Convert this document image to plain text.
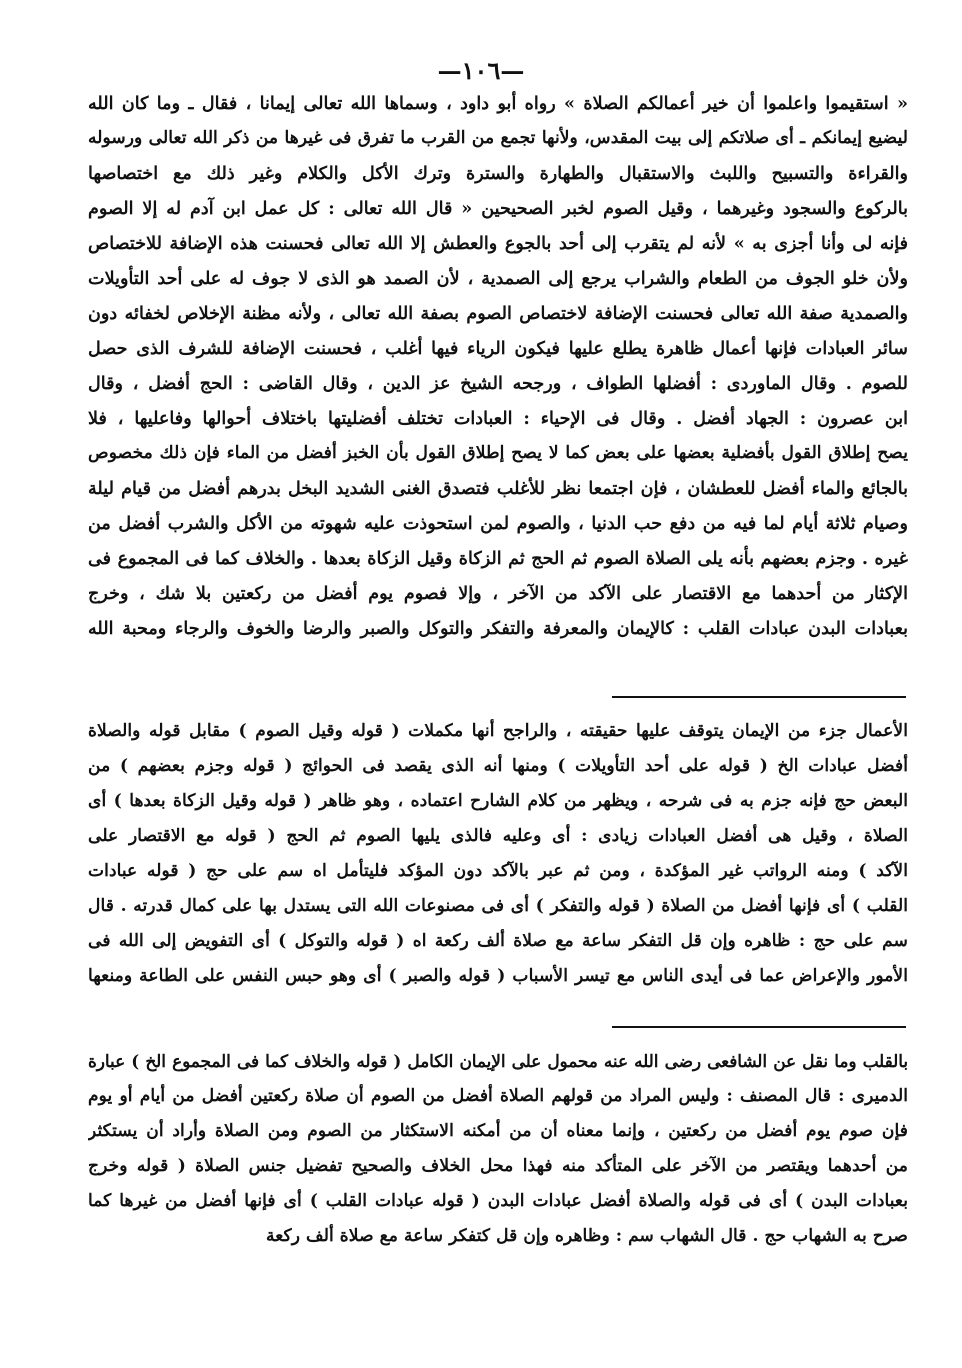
—١٠٦—
« استقيموا واعلموا أن خير أعمالكم الصلاة » رواه أبو داود ، وسماها الله تعالى إيمانا ، فقال ـ وما كان الله
ليضيع إيمانكم ـ أى صلاتكم إلى بيت المقدس، ولأنها تجمع من القرب ما تفرق فى غيرها من ذكر الله تعالى ورسوله
والقراءة والتسبيح واللبث والاستقبال والطهارة والسترة وترك الأكل والكلام وغير ذلك مع اختصاصها
بالركوع والسجود وغيرهما ، وقيل الصوم لخبر الصحيحين « قال الله تعالى : كل عمل ابن آدم له إلا الصوم
فإنه لى وأنا أجزى به » لأنه لم يتقرب إلى أحد بالجوع والعطش إلا الله تعالى فحسنت هذه الإضافة للاختصاص
ولأن خلو الجوف من الطعام والشراب يرجع إلى الصمدية ، لأن الصمد هو الذى لا جوف له على أحد التأويلات
والصمدية صفة الله تعالى فحسنت الإضافة لاختصاص الصوم بصفة الله تعالى ، ولأنه مظنة الإخلاص لخفائه دون
سائر العبادات فإنها أعمال ظاهرة يطلع عليها فيكون الرياء فيها أغلب ، فحسنت الإضافة للشرف الذى حصل
للصوم . وقال الماوردى : أفضلها الطواف ، ورجحه الشيخ عز الدين ، وقال القاضى : الحج أفضل ، وقال
ابن عصرون : الجهاد أفضل . وقال فى الإحياء : العبادات تختلف أفضليتها باختلاف أحوالها وفاعليها ، فلا
يصح إطلاق القول بأفضلية بعضها على بعض كما لا يصح إطلاق القول بأن الخبز أفضل من الماء فإن ذلك مخصوص
بالجائع والماء أفضل للعطشان ، فإن اجتمعا نظر للأغلب فتصدق الغنى الشديد البخل بدرهم أفضل من قيام ليلة
وصيام ثلاثة أيام لما فيه من دفع حب الدنيا ، والصوم لمن استحوذت عليه شهوته من الأكل والشرب أفضل من
غيره . وجزم بعضهم بأنه يلى الصلاة الصوم ثم الحج ثم الزكاة وقيل الزكاة بعدها . والخلاف كما فى المجموع فى
الإكثار من أحدهما مع الاقتصار على الآكد من الآخر ، وإلا فصوم يوم أفضل من ركعتين بلا شك ، وخرج
بعبادات البدن عبادات القلب : كالإيمان والمعرفة والتفكر والتوكل والصبر والرضا والخوف والرجاء ومحبة الله
الأعمال جزء من الإيمان يتوقف عليها حقيقته ، والراجح أنها مكملات ( قوله وقيل الصوم ) مقابل قوله والصلاة
أفضل عبادات الخ ( قوله على أحد التأويلات ) ومنها أنه الذى يقصد فى الحوائج ( قوله وجزم بعضهم ) من
البعض حج فإنه جزم به فى شرحه ، ويظهر من كلام الشارح اعتماده ، وهو ظاهر ( قوله وقيل الزكاة بعدها ) أى
الصلاة ، وقيل هى أفضل العبادات زيادى : أى وعليه فالذى يليها الصوم ثم الحج ( قوله مع الاقتصار على
الآكد ) ومنه الرواتب غير المؤكدة ، ومن ثم عبر بالآكد دون المؤكد فليتأمل اه سم على حج ( قوله عبادات
القلب ) أى فإنها أفضل من الصلاة ( قوله والتفكر ) أى فى مصنوعات الله التى يستدل بها على كمال قدرته . قال
سم على حج : ظاهره وإن قل التفكر ساعة مع صلاة ألف ركعة اه ( قوله والتوكل ) أى التفويض إلى الله فى
الأمور والإعراض عما فى أيدى الناس مع تيسر الأسباب ( قوله والصبر ) أى وهو حبس النفس على الطاعة ومنعها
بالقلب وما نقل عن الشافعى رضى الله عنه محمول على الإيمان الكامل ( قوله والخلاف كما فى المجموع الخ ) عبارة
الدميرى : قال المصنف : وليس المراد من قولهم الصلاة أفضل من الصوم أن صلاة ركعتين أفضل من أيام أو يوم
فإن صوم يوم أفضل من ركعتين ، وإنما معناه أن من أمكنه الاستكثار من الصوم ومن الصلاة وأراد أن يستكثر
من أحدهما ويقتصر من الآخر على المتأكد منه فهذا محل الخلاف والصحيح تفضيل جنس الصلاة ( قوله وخرج
بعبادات البدن ) أى فى قوله والصلاة أفضل عبادات البدن ( قوله عبادات القلب ) أى فإنها أفضل من غيرها كما
صرح به الشهاب حج . قال الشهاب سم : وظاهره وإن قل كتفكر ساعة مع صلاة ألف ركعة
